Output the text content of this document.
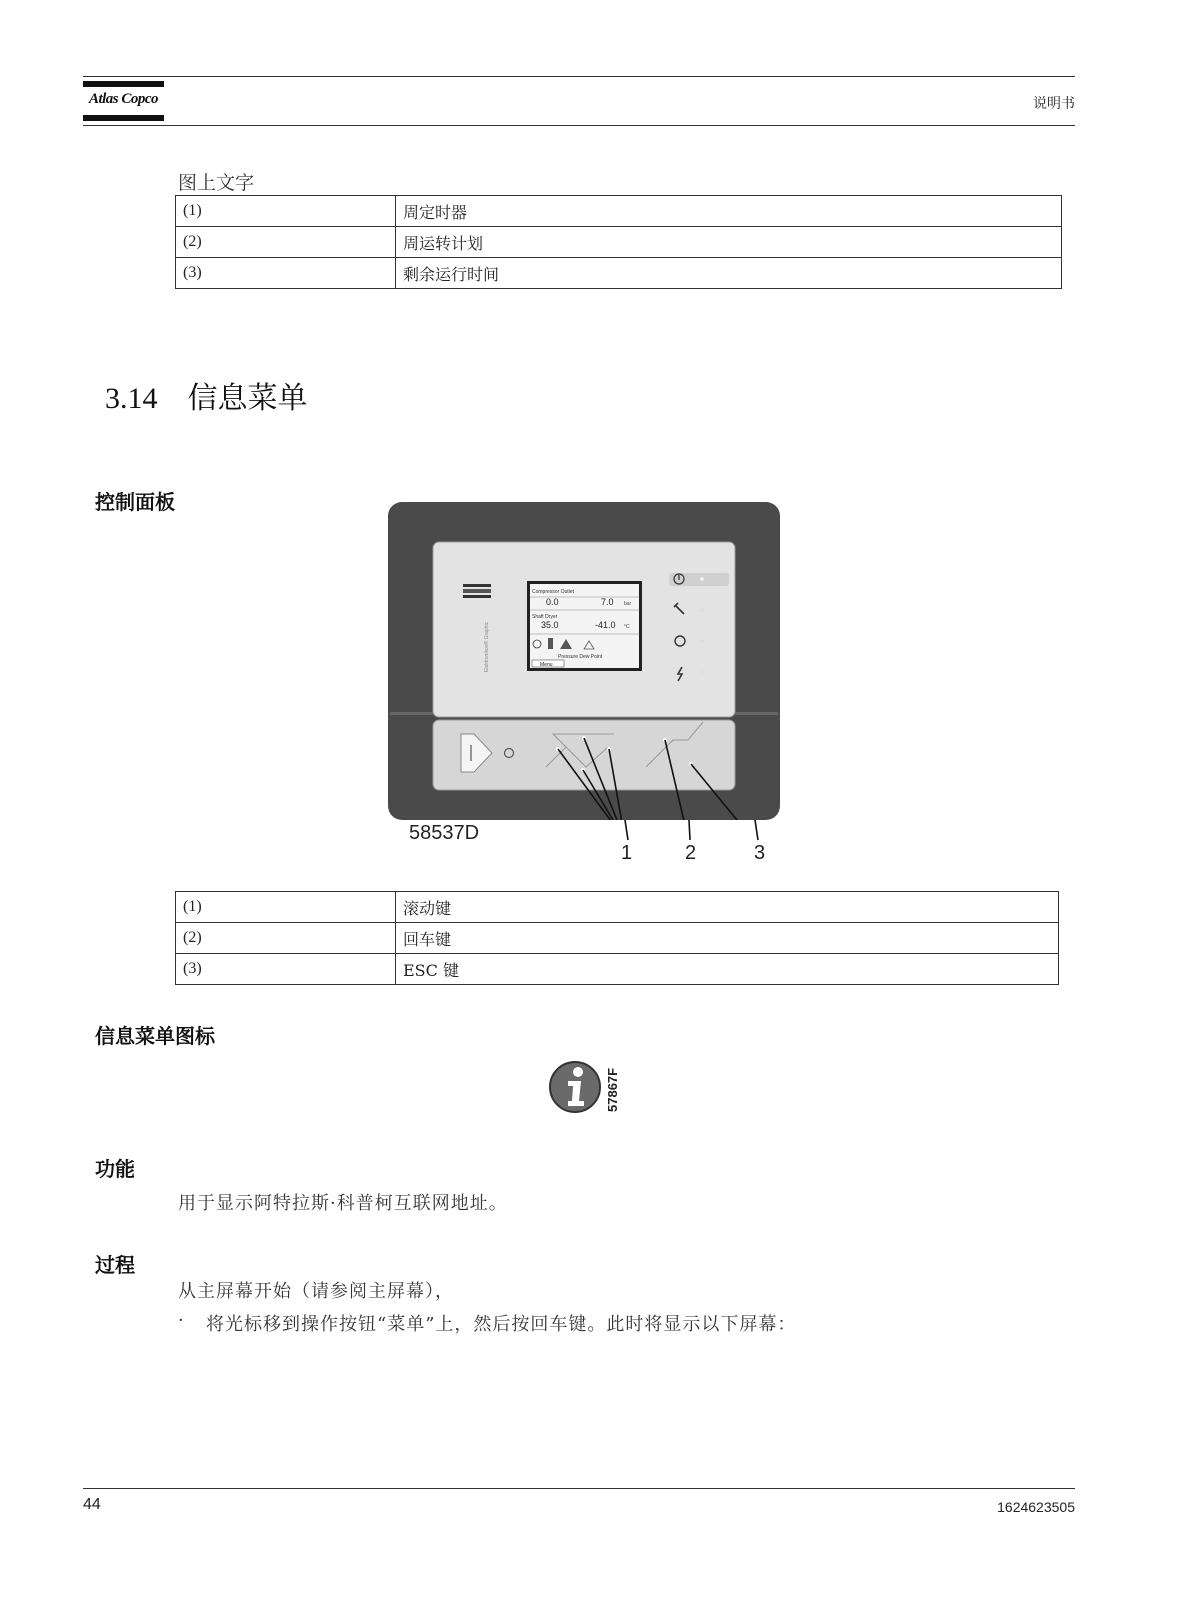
Atlas Copco	说明书
图上文字
(1)	周定时器
(2)	周运转计划
(3)	剩余运行时间
3.14 信息菜单
控制面板
Elektronikon® Graphic
Compressor Outlet
0.0	7.0 bar
Shaft Dryer
35.0	-41.0 °C
Pressure Dew Point
Menu
58537D
1	2	3
(1)	滚动键
(2)	回车键
(3)	ESC 键
信息菜单图标
57867F
功能
用于显示阿特拉斯·科普柯互联网地址。
过程
从主屏幕开始（请参阅主屏幕），
· 将光标移到操作按钮“菜单”上，然后按回车键。此时将显示以下屏幕：
44	1624623505
